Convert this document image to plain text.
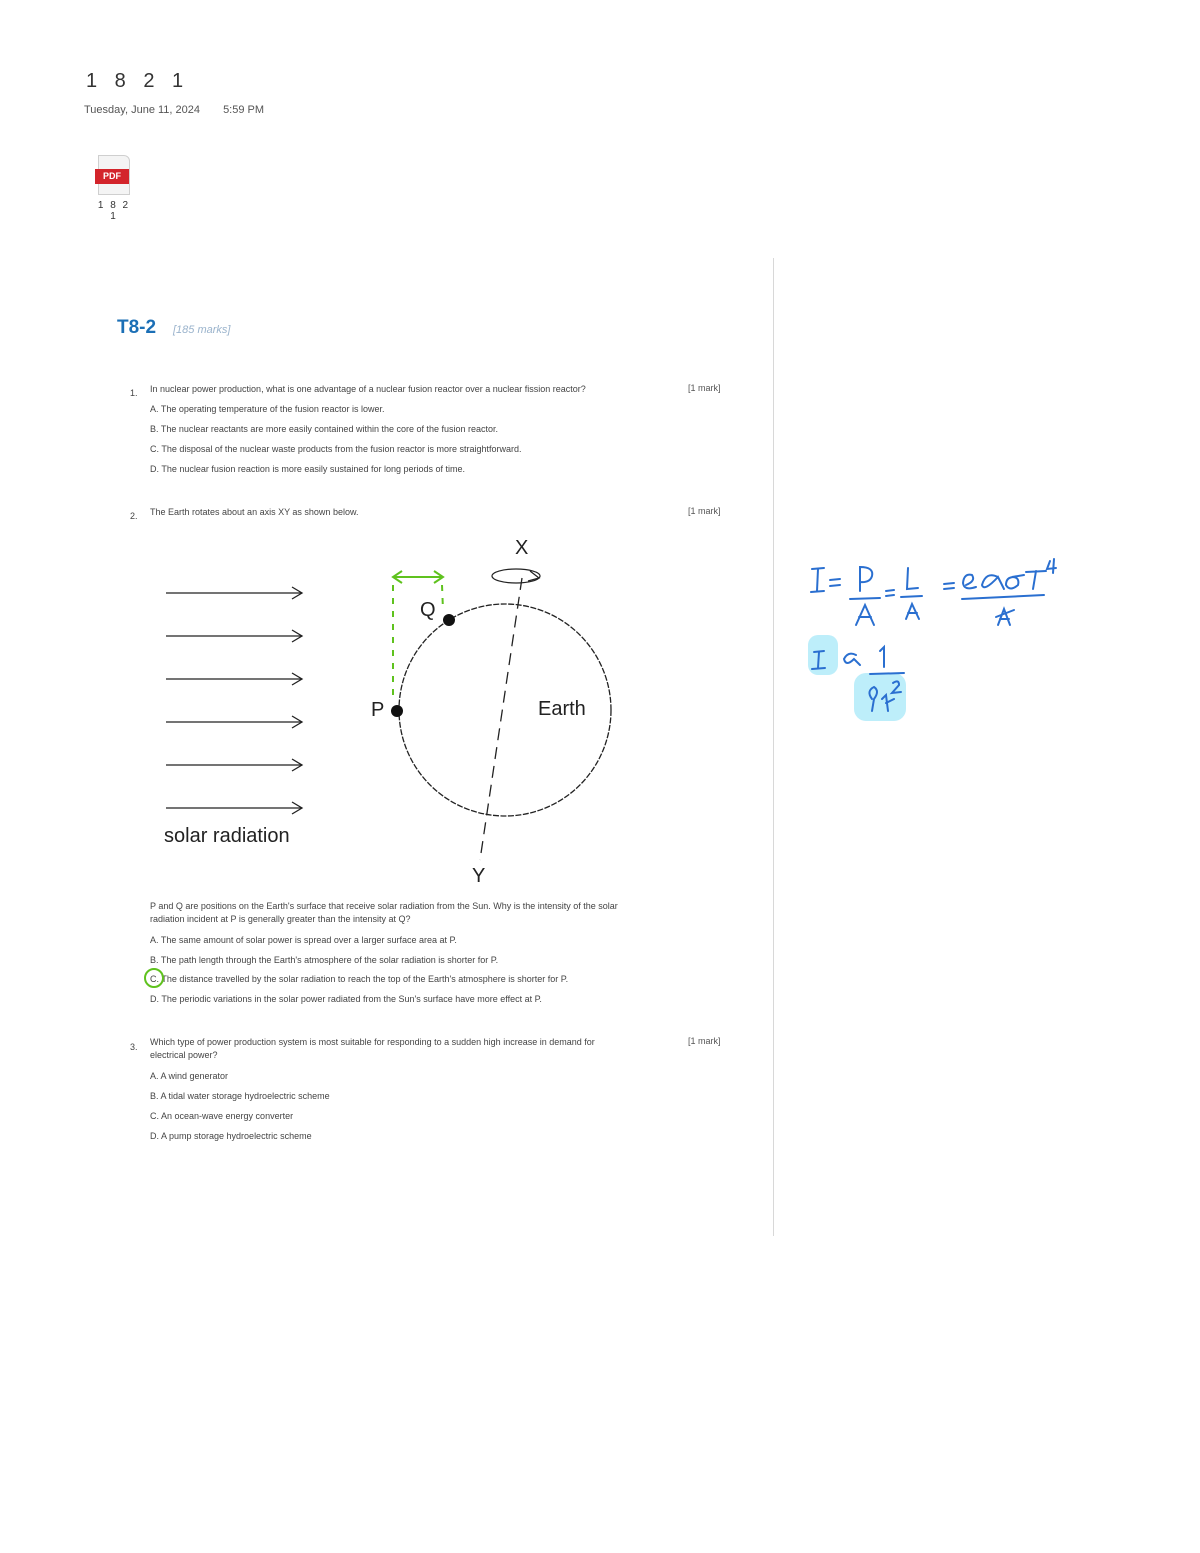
1 8 2 1
Tuesday, June 11, 2024 5:59 PM
PDF
1 8 2 1
T8-2 [185 marks]
1. In nuclear power production, what is one advantage of a nuclear fusion reactor over a nuclear fission reactor?	[1 mark]
A. The operating temperature of the fusion reactor is lower.
B. The nuclear reactants are more easily contained within the core of the fusion reactor.
C. The disposal of the nuclear waste products from the fusion reactor is more straightforward.
D. The nuclear fusion reaction is more easily sustained for long periods of time.
2. The Earth rotates about an axis XY as shown below.	[1 mark]
solar radiation
Earth
X
Y
Q
P
P and Q are positions on the Earth's surface that receive solar radiation from the Sun. Why is the intensity of the solar
radiation incident at P is generally greater than the intensity at Q?
A. The same amount of solar power is spread over a larger surface area at P.
B. The path length through the Earth's atmosphere of the solar radiation is shorter for P.
C. The distance travelled by the solar radiation to reach the top of the Earth's atmosphere is shorter for P.
D. The periodic variations in the solar power radiated from the Sun's surface have more effect at P.
3. Which type of power production system is most suitable for responding to a sudden high increase in demand for
electrical power?
[1 mark]
A. A wind generator
B. A tidal water storage hydroelectric scheme
C. An ocean-wave energy converter
D. A pump storage hydroelectric scheme
